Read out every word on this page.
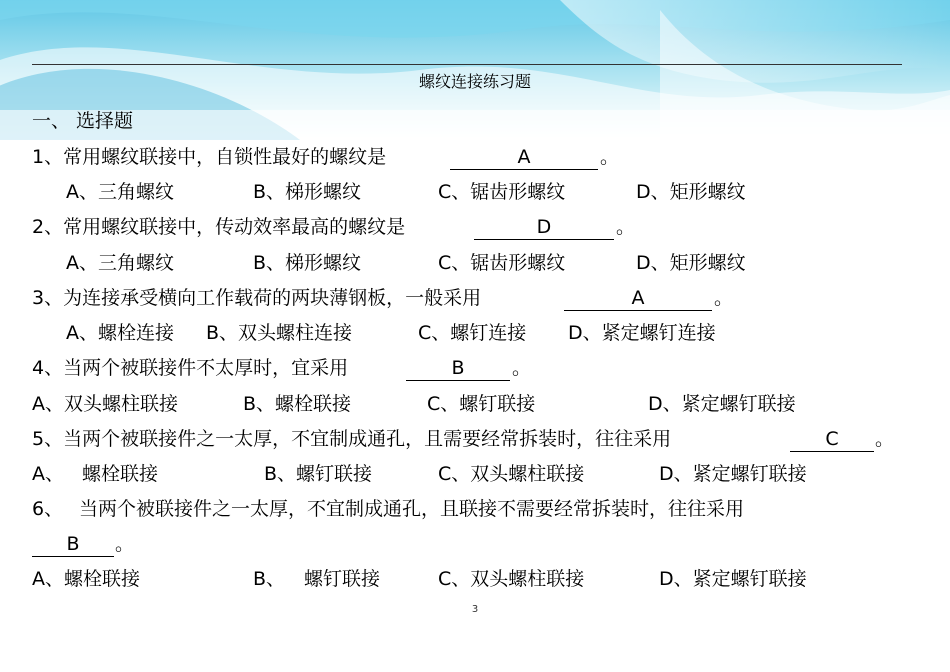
螺纹连接练习题
一、 选择题
1、常用螺纹联接中，自锁性最好的螺纹是	A	。
A、三角螺纹	B、梯形螺纹	C、锯齿形螺纹	D、矩形螺纹
2、常用螺纹联接中，传动效率最高的螺纹是	D	。
A、三角螺纹	B、梯形螺纹	C、锯齿形螺纹	D、矩形螺纹
3、为连接承受横向工作载荷的两块薄钢板，一般采用	A	。
A、螺栓连接 B、双头螺柱连接	C、螺钉连接 D、紧定螺钉连接
4、当两个被联接件不太厚时，宜采用	B	。
A、双头螺柱联接	B、螺栓联接	C、螺钉联接	D、紧定螺钉联接
5、当两个被联接件之一太厚，不宜制成通孔，且需要经常拆装时，往往采用	C	。
A、 螺栓联接	B、螺钉联接	C、双头螺柱联接	D、紧定螺钉联接
6、 当两个被联接件之一太厚，不宜制成通孔，且联接不需要经常拆装时，往往采用
B	。
A、螺栓联接	B、 螺钉联接	C、双头螺柱联接	D、紧定螺钉联接
3
